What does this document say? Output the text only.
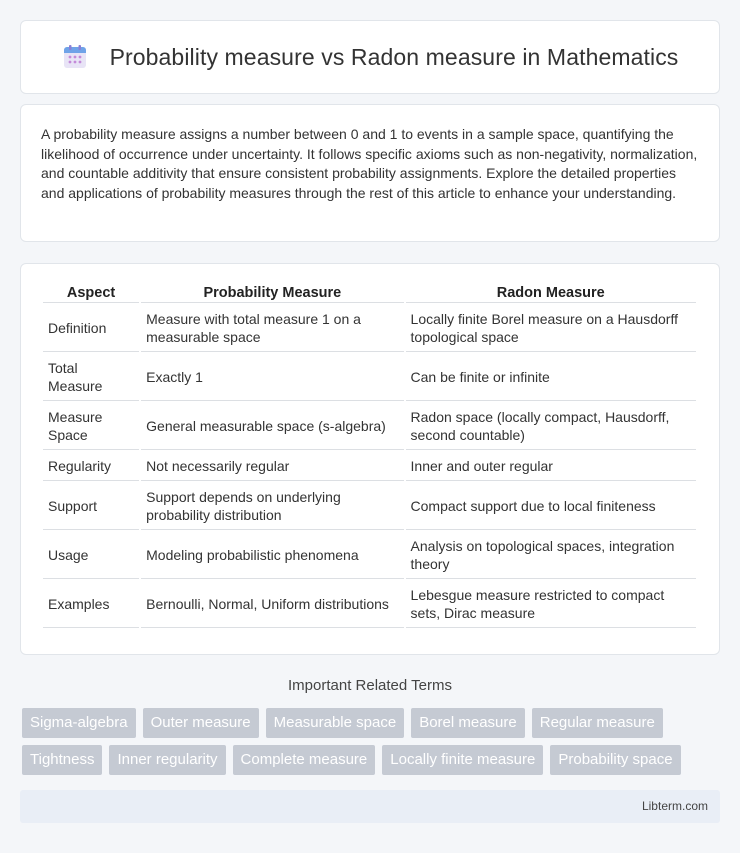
Probability measure vs Radon measure in Mathematics

A probability measure assigns a number between 0 and 1 to events in a sample space, quantifying the likelihood of occurrence under uncertainty. It follows specific axioms such as non-negativity, normalization, and countable additivity that ensure consistent probability assignments. Explore the detailed properties and applications of probability measures through the rest of this article to enhance your understanding.

Aspect	Probability Measure	Radon Measure
Definition	Measure with total measure 1 on a measurable space	Locally finite Borel measure on a Hausdorff topological space
Total Measure	Exactly 1	Can be finite or infinite
Measure Space	General measurable space (s-algebra)	Radon space (locally compact, Hausdorff, second countable)
Regularity	Not necessarily regular	Inner and outer regular
Support	Support depends on underlying probability distribution	Compact support due to local finiteness
Usage	Modeling probabilistic phenomena	Analysis on topological spaces, integration theory
Examples	Bernoulli, Normal, Uniform distributions	Lebesgue measure restricted to compact sets, Dirac measure
Important Related Terms
Sigma-algebra	Outer measure	Measurable space	Borel measure	Regular measure
Tightness	Inner regularity	Complete measure	Locally finite measure	Probability space
Libterm.com
